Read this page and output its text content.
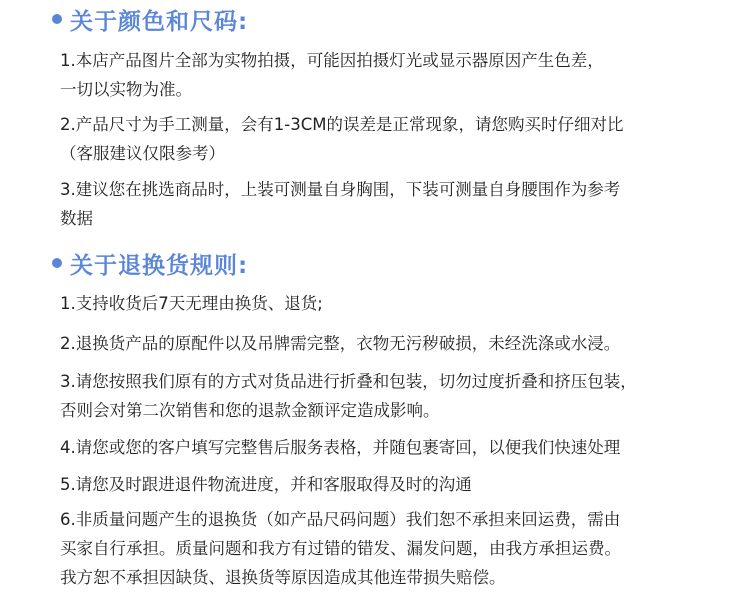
关于颜色和尺码:
1.本店产品图片全部为实物拍摄，可能因拍摄灯光或显示器原因产生色差，
一切以实物为准。
2.产品尺寸为手工测量，会有1-3CM的误差是正常现象，请您购买时仔细对比
（客服建议仅限参考）
3.建议您在挑选商品时，上装可测量自身胸围，下装可测量自身腰围作为参考
数据
关于退换货规则:
1.支持收货后7天无理由换货、退货;
2.退换货产品的原配件以及吊牌需完整，衣物无污秽破损，未经洗涤或水浸。
3.请您按照我们原有的方式对货品进行折叠和包装，切勿过度折叠和挤压包装，
否则会对第二次销售和您的退款金额评定造成影响。
4.请您或您的客户填写完整售后服务表格，并随包裹寄回，以便我们快速处理
5.请您及时跟进退件物流进度，并和客服取得及时的沟通
6.非质量问题产生的退换货（如产品尺码问题）我们恕不承担来回运费，需由
买家自行承担。质量问题和我方有过错的错发、漏发问题，由我方承担运费。
我方恕不承担因缺货、退换货等原因造成其他连带损失赔偿。
